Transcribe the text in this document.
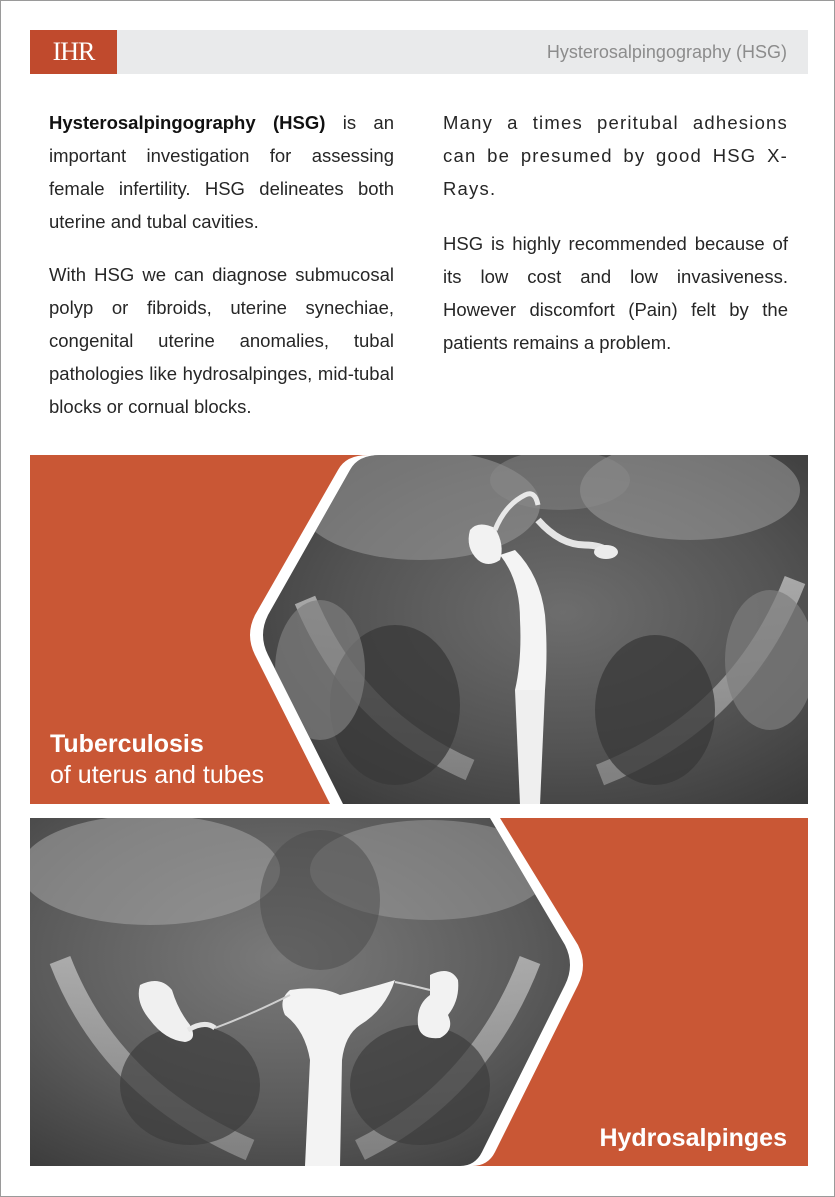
IHR	Hysterosalpingography (HSG)

Hysterosalpingography (HSG) is an important investigation for assessing female infertility. HSG delineates both uterine and tubal cavities.

With HSG we can diagnose submucosal polyp or fibroids, uterine synechiae, congenital uterine anomalies, tubal pathologies like hydrosalpinges, mid-tubal blocks or cornual blocks.

Many a times peritubal adhesions can be presumed by good HSG X-Rays.

HSG is highly recommended because of its low cost and low invasiveness. However discomfort (Pain) felt by the patients remains a problem.

Tuberculosis
of uterus and tubes
Hydrosalpinges
